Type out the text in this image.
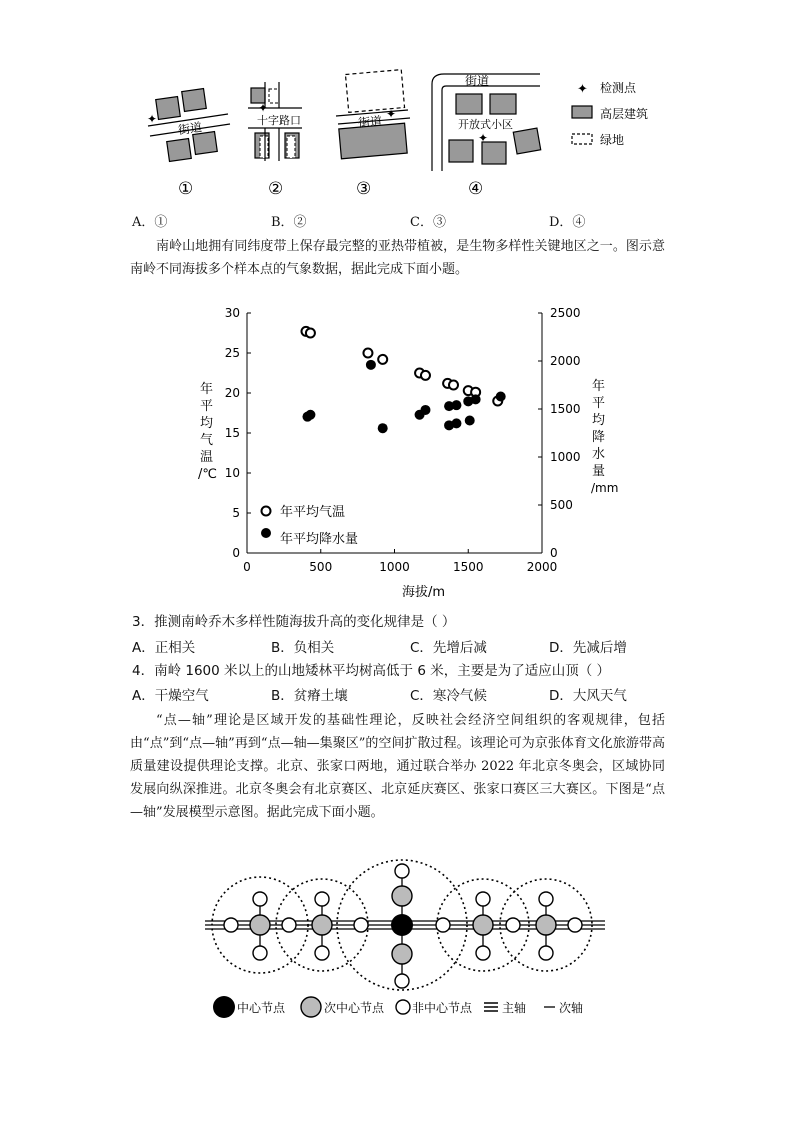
街道
✦	十字路口
✦
街道 ✦
街道
开放式小区
✦
✦ 检测点
高层建筑
绿地
①	②	③	④
A．①	B．②	C．③	D．④
南岭山地拥有同纬度带上保存最完整的亚热带植被，是生物多样性关键地区之一。图示意南岭不同海拔多个样本点的气象数据，据此完成下面小题。
0	500	1000	1500	2000
0
5
10
15
20
25
30
0
500
1000
1500
2000
2500
年
平
均
气
温
/℃
年
平
均
降
水
量
/mm
海拔/m
年平均气温
年平均降水量
3．推测南岭乔木多样性随海拔升高的变化规律是（ ）
A．正相关	B．负相关	C．先增后减	D．先减后增
4．南岭 1600 米以上的山地矮林平均树高低于 6 米，主要是为了适应山顶（ ）
A．干燥空气	B．贫瘠土壤	C．寒冷气候	D．大风天气
“点—轴”理论是区域开发的基础性理论，反映社会经济空间组织的客观规律，包括由“点”到“点—轴”再到“点—轴—集聚区”的空间扩散过程。该理论可为京张体育文化旅游带高质量建设提供理论支撑。北京、张家口两地，通过联合举办 2022 年北京冬奥会，区域协同发展向纵深推进。北京冬奥会有北京赛区、北京延庆赛区、张家口赛区三大赛区。下图是“点—轴”发展模型示意图。据此完成下面小题。
中心节点	次中心节点 非中心节点 主轴	次轴
